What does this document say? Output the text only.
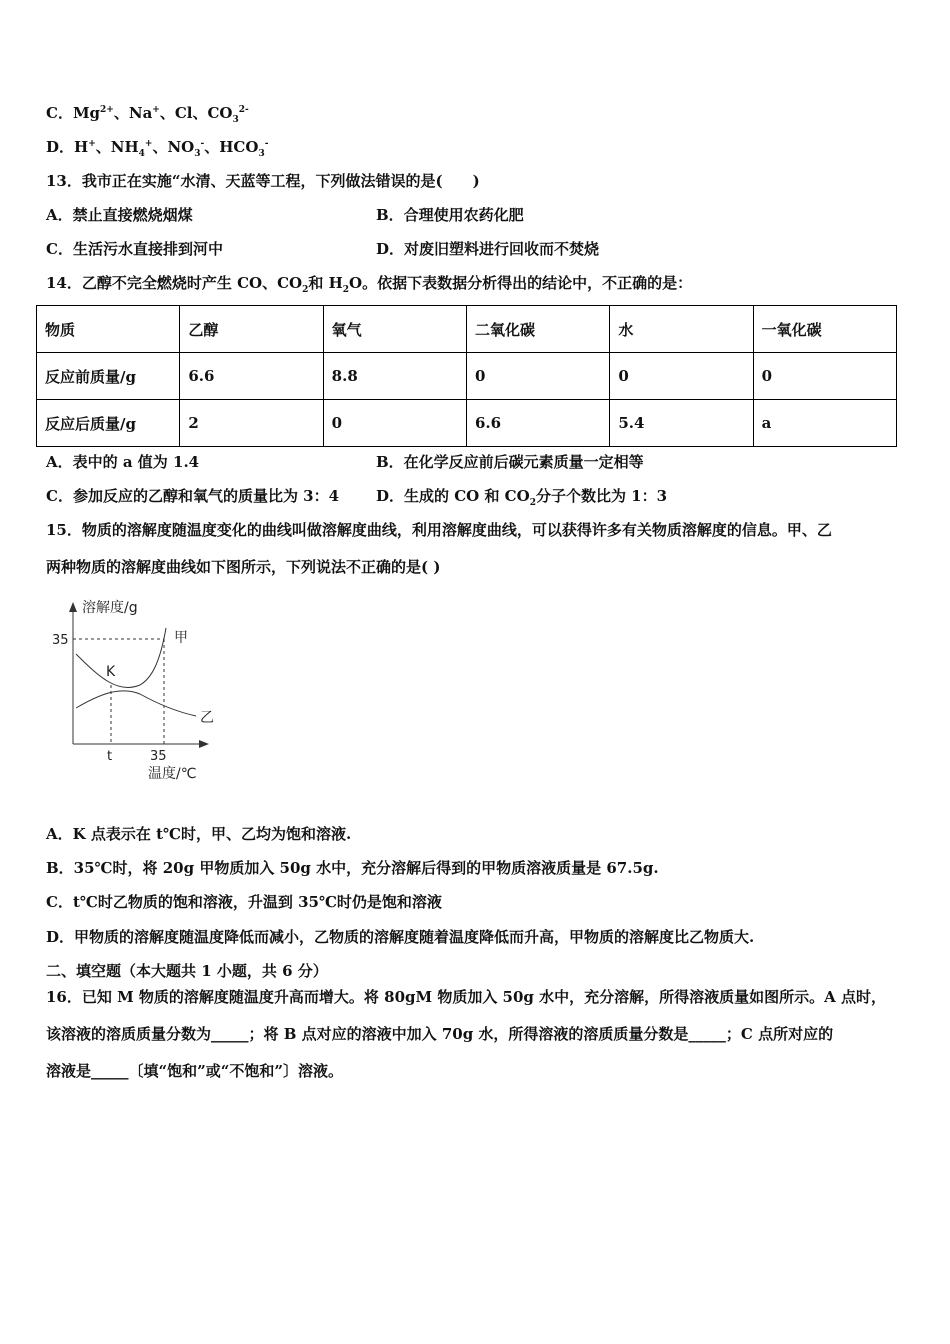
C．$Mg^{2+}$、Na+、Cl、$CO_3^{2-}$
D．H+、$NH_4^+$、$NO_3^-$、$HCO_3^-$
13．我市正在实施“水清、天蓝等工程，下列做法错误的是(　　)
A．禁止直接燃烧烟煤	B．合理使用农药化肥
C．生活污水直接排到河中	D．对废旧塑料进行回收而不焚烧
14．乙醇不完全燃烧时产生 CO、$CO_2$和 $H_2O$。依据下表数据分析得出的结论中，不正确的是：
物质	乙醇	氧气	二氧化碳	水	一氧化碳
反应前质量/g	6.6	8.8	0	0	0
反应后质量/g	2	0	6.6	5.4	a
A．表中的 a 值为 1.4	B．在化学反应前后碳元素质量一定相等
C．参加反应的乙醇和氧气的质量比为 3：4 D．生成的 CO 和 $CO_2$分子个数比为 1：3
15．物质的溶解度随温度变化的曲线叫做溶解度曲线，利用溶解度曲线，可以获得许多有关物质溶解度的信息。甲、乙
两种物质的溶解度曲线如下图所示，下列说法不正确的是( )
溶解度/g
35
K
甲
乙
t	35
温度/℃
A．K 点表示在 t℃时，甲、乙均为饱和溶液.
B．35℃时，将 20g 甲物质加入 50g 水中，充分溶解后得到的甲物质溶液质量是 67.5g.
C．t℃时乙物质的饱和溶液，升温到 35℃时仍是饱和溶液
D．甲物质的溶解度随温度降低而减小，乙物质的溶解度随着温度降低而升高，甲物质的溶解度比乙物质大.
二、填空题（本大题共 1 小题，共 6 分）
16．已知 M 物质的溶解度随温度升高而增大。将 80gM 物质加入 50g 水中，充分溶解，所得溶液质量如图所示。A 点时，
该溶液的溶质质量分数为_____；将 B 点对应的溶液中加入 70g 水，所得溶液的溶质质量分数是_____；C 点所对应的
溶液是_____〔填“饱和”或“不饱和”〕溶液。
